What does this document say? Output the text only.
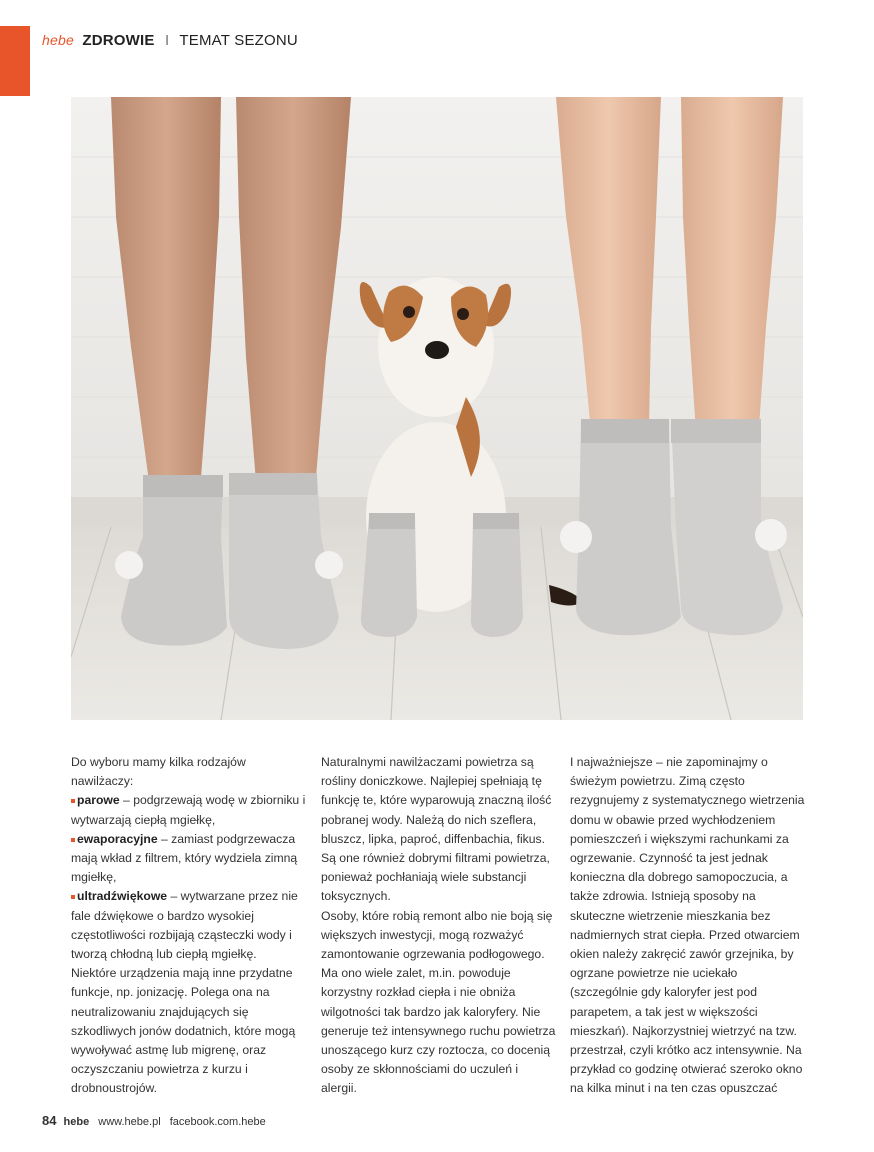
hebe ZDROWIE I TEMAT SEZONU

Do wyboru mamy kilka rodzajów nawilżaczy:

parowe – podgrzewają wodę w zbiorniku i wytwarzają ciepłą mgiełkę,

ewaporacyjne – zamiast podgrzewacza mają wkład z filtrem, który wydziela zimną mgiełkę,

ultradźwiękowe – wytwarzane przez nie fale dźwiękowe o bardzo wysokiej częstotliwości rozbijają cząsteczki wody i tworzą chłodną lub ciepłą mgiełkę.

Niektóre urządzenia mają inne przydatne funkcje, np. jonizację. Polega ona na neutralizowaniu znajdujących się szkodliwych jonów dodatnich, które mogą wywoływać astmę lub migrenę, oraz oczyszczaniu powietrza z kurzu i drobnoustrojów.

Naturalnymi nawilżaczami powietrza są rośliny doniczkowe. Najlepiej spełniają tę funkcję te, które wyparowują znaczną ilość pobranej wody. Należą do nich szeflera, bluszcz, lipka, paproć, diffenbachia, fikus. Są one również dobrymi filtrami powietrza, ponieważ pochłaniają wiele substancji toksycznych.

Osoby, które robią remont albo nie boją się większych inwestycji, mogą rozważyć zamontowanie ogrzewania podłogowego. Ma ono wiele zalet, m.in. powoduje korzystny rozkład ciepła i nie obniża wilgotności tak bardzo jak kaloryfery. Nie generuje też intensywnego ruchu powietrza unoszącego kurz czy roztocza, co docenią osoby ze skłonnościami do uczuleń i alergii.

I najważniejsze – nie zapominajmy o świeżym powietrzu. Zimą często rezygnujemy z systematycznego wietrzenia domu w obawie przed wychłodzeniem pomieszczeń i większymi rachunkami za ogrzewanie. Czynność ta jest jednak konieczna dla dobrego samopoczucia, a także zdrowia. Istnieją sposoby na skuteczne wietrzenie mieszkania bez nadmiernych strat ciepła. Przed otwarciem okien należy zakręcić zawór grzejnika, by ogrzane powietrze nie uciekało (szczególnie gdy kaloryfer jest pod parapetem, a tak jest w większości mieszkań). Najkorzystniej wietrzyć na tzw. przestrzał, czyli krótko acz intensywnie. Na przykład co godzinę otwierać szeroko okno na kilka minut i na ten czas opuszczać

84 hebe www.hebe.pl facebook.com.hebe
